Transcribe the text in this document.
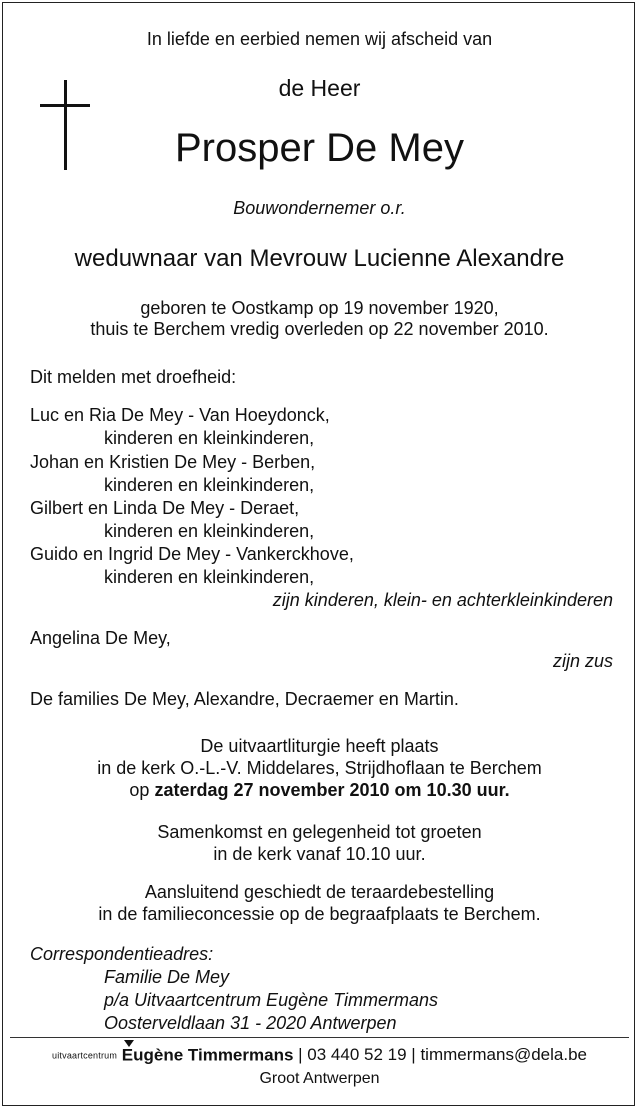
In liefde en eerbied nemen wij afscheid van
de Heer
Prosper De Mey
Bouwondernemer o.r.
weduwnaar van Mevrouw Lucienne Alexandre
geboren te Oostkamp op 19 november 1920,
thuis te Berchem vredig overleden op 22 november 2010.
Dit melden met droefheid:
Luc en Ria De Mey - Van Hoeydonck,
kinderen en kleinkinderen,
Johan en Kristien De Mey - Berben,
kinderen en kleinkinderen,
Gilbert en Linda De Mey - Deraet,
kinderen en kleinkinderen,
Guido en Ingrid De Mey - Vankerckhove,
kinderen en kleinkinderen,
zijn kinderen, klein- en achterkleinkinderen
Angelina De Mey,
zijn zus
De families De Mey, Alexandre, Decraemer en Martin.
De uitvaartliturgie heeft plaats
in de kerk O.-L.-V. Middelares, Strijdhoflaan te Berchem
op zaterdag 27 november 2010 om 10.30 uur.
Samenkomst en gelegenheid tot groeten
in de kerk vanaf 10.10 uur.
Aansluitend geschiedt de teraardebestelling
in de familieconcessie op de begraafplaats te Berchem.
Correspondentieadres:
Familie De Mey
p/a Uitvaartcentrum Eugène Timmermans
Oosterveldlaan 31 - 2020 Antwerpen
uitvaartcentrum Eugène Timmermans | 03 440 52 19 | timmermans@dela.be
Groot Antwerpen
